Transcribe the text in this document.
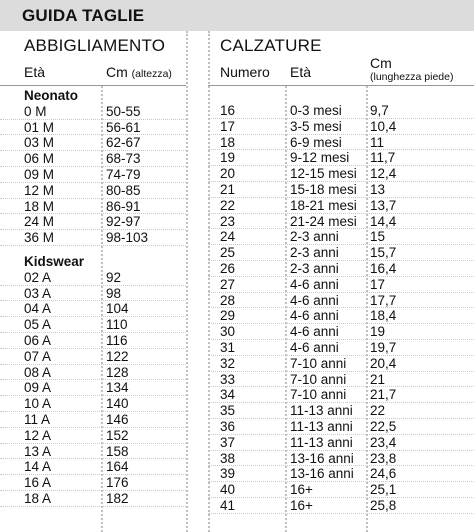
GUIDA TAGLIE
ABBIGLIAMENTO
Età	Cm (altezza)
Neonato
0 M	50-55
01 M	56-61
03 M	62-67
06 M	68-73
09 M	74-79
12 M	80-85
18 M	86-91
24 M	92-97
36 M	98-103
Kidswear
02 A	92
03 A	98
04 A	104
05 A	110
06 A	116
07 A	122
08 A	128
09 A	134
10 A	140
11 A	146
12 A	152
13 A	158
14 A	164
16 A	176
18 A	182
CALZATURE
Numero Età
Cm
(lunghezza piede)
16	0-3 mesi 9,7
17	3-5 mesi 10,4
18	6-9 mesi 11
19	9-12 mesi 11,7
20	12-15 mesi 12,4
21	15-18 mesi 13
22	18-21 mesi 13,7
23	21-24 mesi 14,4
24	2-3 anni 15
25	2-3 anni 15,7
26	2-3 anni 16,4
27	4-6 anni 17
28	4-6 anni 17,7
29	4-6 anni 18,4
30	4-6 anni 19
31	4-6 anni 19,7
32	7-10 anni 20,4
33	7-10 anni 21
34	7-10 anni 21,7
35	11-13 anni 22
36	11-13 anni 22,5
37	11-13 anni 23,4
38	13-16 anni 23,8
39	13-16 anni 24,6
40	16+	25,1
41	16+	25,8
